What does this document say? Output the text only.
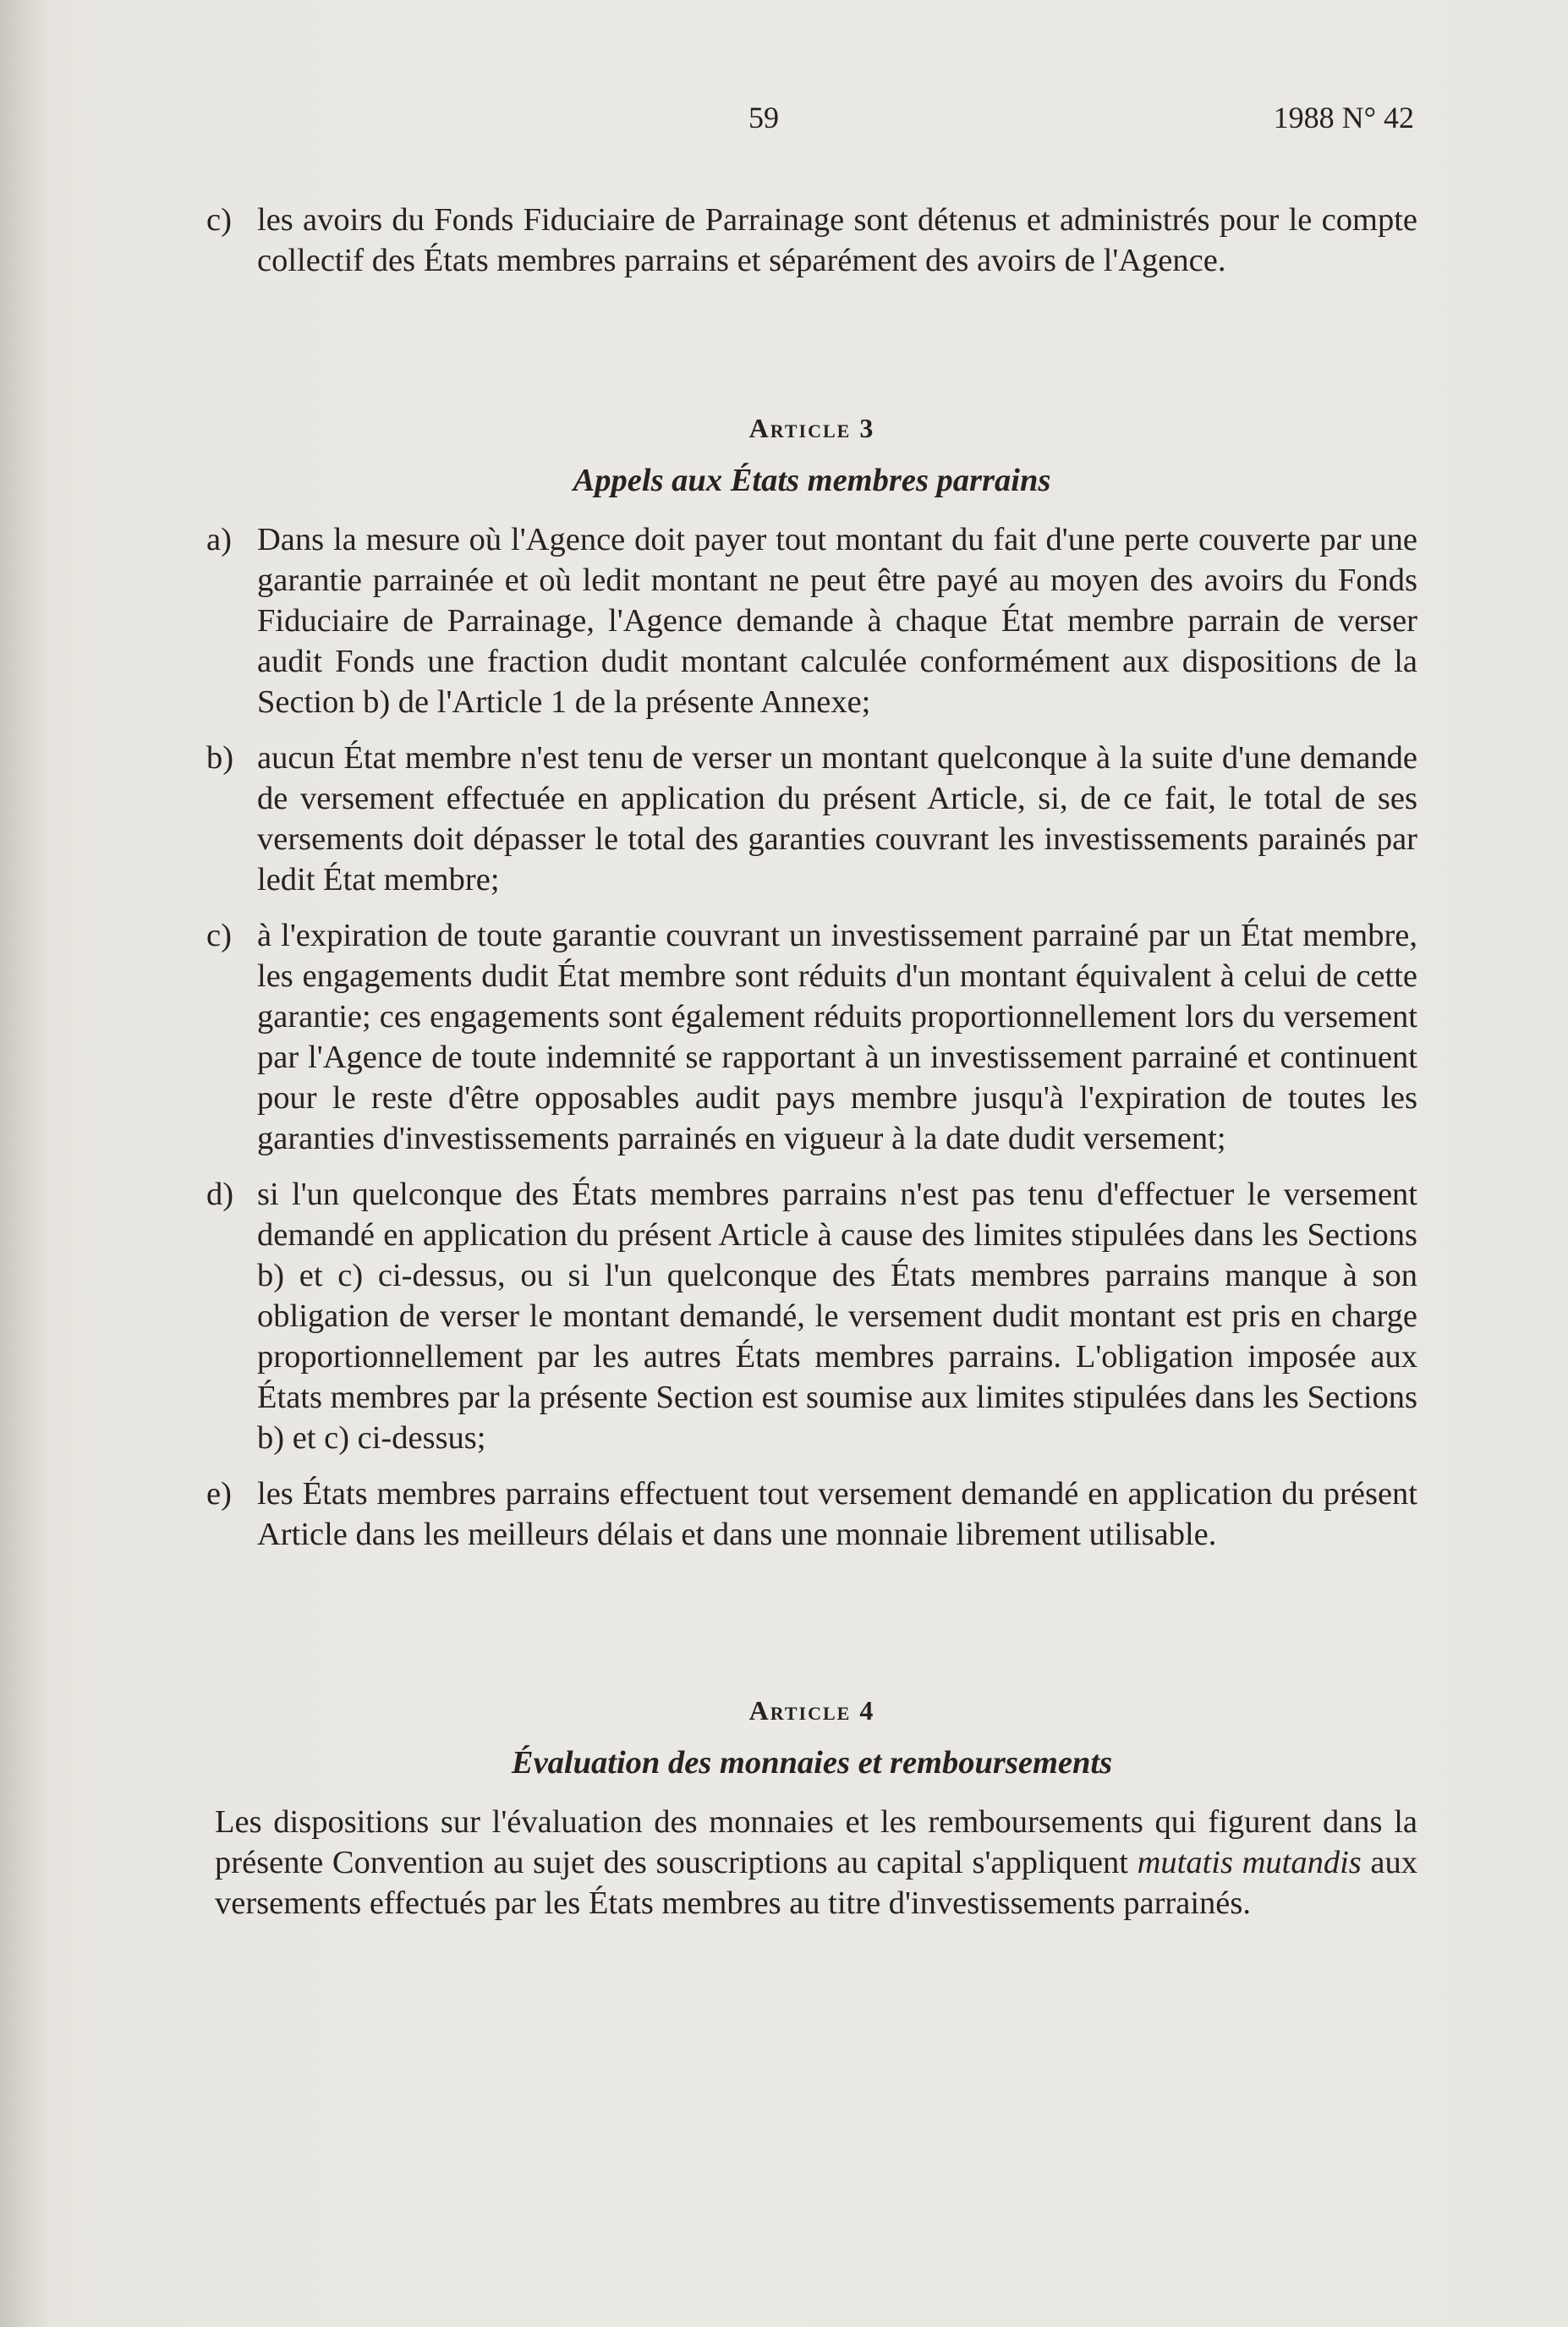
59	1988 N° 42

c) les avoirs du Fonds Fiduciaire de Parrainage sont détenus et administrés pour le compte collectif des États membres parrains et séparément des avoirs de l'Agence.

Article 3
Appels aux États membres parrains

a) Dans la mesure où l'Agence doit payer tout montant du fait d'une perte couverte par une garantie parrainée et où ledit montant ne peut être payé au moyen des avoirs du Fonds Fiduciaire de Parrainage, l'Agence demande à chaque État membre parrain de verser audit Fonds une fraction dudit montant calculée conformément aux dispositions de la Section b) de l'Article 1 de la présente Annexe;

b) aucun État membre n'est tenu de verser un montant quelconque à la suite d'une demande de versement effectuée en application du présent Article, si, de ce fait, le total de ses versements doit dépasser le total des garanties couvrant les investissements parainés par ledit État membre;

c) à l'expiration de toute garantie couvrant un investissement parrainé par un État membre, les engagements dudit État membre sont réduits d'un montant équivalent à celui de cette garantie; ces engagements sont également réduits proportionnellement lors du versement par l'Agence de toute indemnité se rapportant à un investissement parrainé et continuent pour le reste d'être opposables audit pays membre jusqu'à l'expiration de toutes les garanties d'investissements parrainés en vigueur à la date dudit versement;

d) si l'un quelconque des États membres parrains n'est pas tenu d'effectuer le versement demandé en application du présent Article à cause des limites stipulées dans les Sections b) et c) ci-dessus, ou si l'un quelconque des États membres parrains manque à son obligation de verser le montant demandé, le versement dudit montant est pris en charge proportionnellement par les autres États membres parrains. L'obligation imposée aux États membres par la présente Section est soumise aux limites stipulées dans les Sections b) et c) ci-dessus;

e) les États membres parrains effectuent tout versement demandé en application du présent Article dans les meilleurs délais et dans une monnaie librement utilisable.

Article 4
Évaluation des monnaies et remboursements

Les dispositions sur l'évaluation des monnaies et les remboursements qui figurent dans la présente Convention au sujet des souscriptions au capital s'appliquent mutatis mutandis aux versements effectués par les États membres au titre d'investissements parrainés.
